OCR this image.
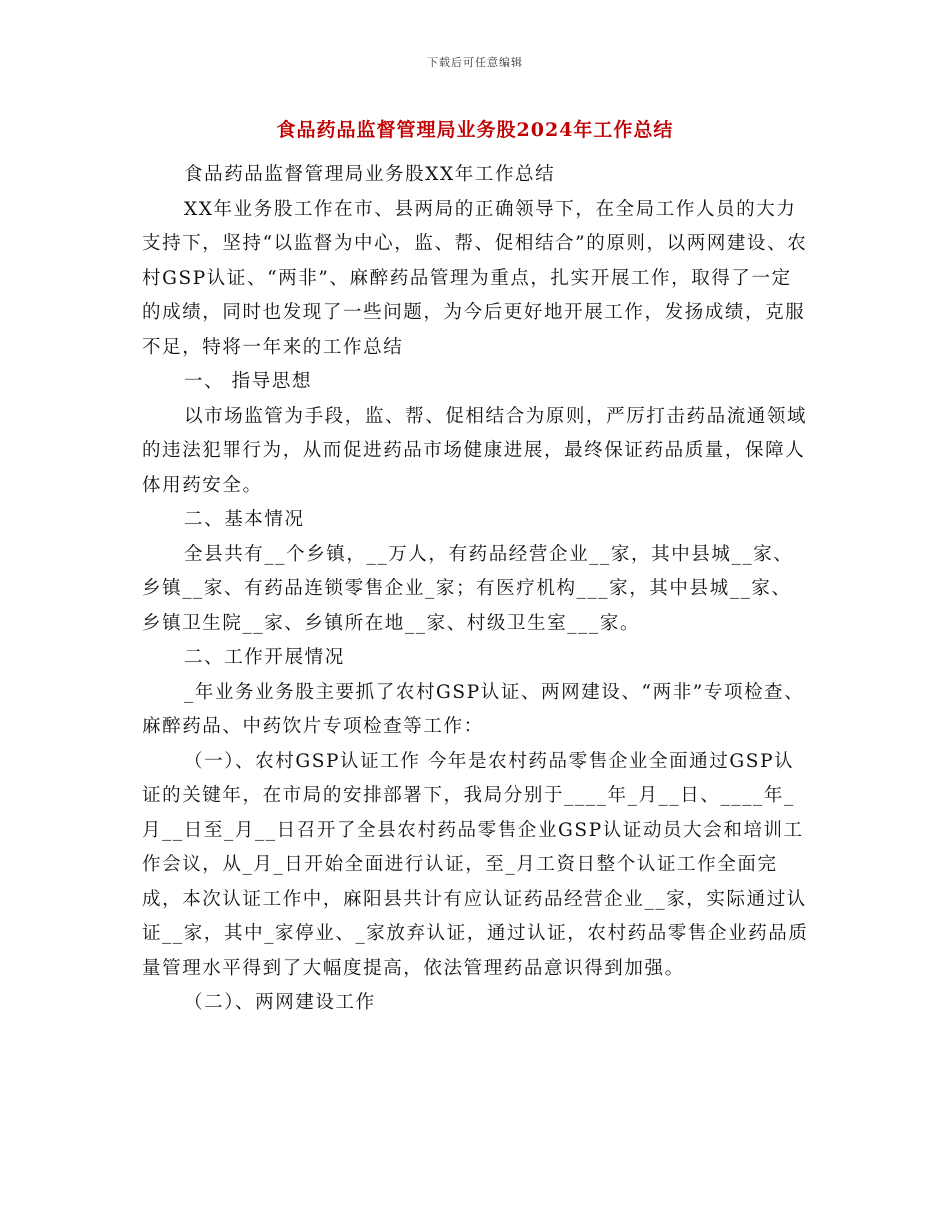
下载后可任意编辑
食品药品监督管理局业务股2024年工作总结

食品药品监督管理局业务股XX年工作总结

XX年业务股工作在市、县两局的正确领导下，在全局工作人员的大力支持下，坚持“以监督为中心，监、帮、促相结合”的原则，以两网建设、农村GSP认证、“两非”、麻醉药品管理为重点，扎实开展工作，取得了一定的成绩，同时也发现了一些问题，为今后更好地开展工作，发扬成绩，克服不足，特将一年来的工作总结

一、 指导思想

以市场监管为手段，监、帮、促相结合为原则，严厉打击药品流通领域的违法犯罪行为，从而促进药品市场健康进展，最终保证药品质量，保障人体用药安全。

二、基本情况

全县共有__个乡镇，__万人，有药品经营企业__家，其中县城__家、乡镇__家、有药品连锁零售企业_家；有医疗机构___家，其中县城__家、乡镇卫生院__家、乡镇所在地__家、村级卫生室___家。

二、工作开展情况

_年业务业务股主要抓了农村GSP认证、两网建设、“两非”专项检查、麻醉药品、中药饮片专项检查等工作：

（一）、农村GSP认证工作 今年是农村药品零售企业全面通过GSP认证的关键年，在市局的安排部署下，我局分别于____年_月__日、____年_月__日至_月__日召开了全县农村药品零售企业GSP认证动员大会和培训工作会议，从_月_日开始全面进行认证，至_月工资日整个认证工作全面完成，本次认证工作中，麻阳县共计有应认证药品经营企业__家，实际通过认证__家，其中_家停业、_家放弃认证，通过认证，农村药品零售企业药品质量管理水平得到了大幅度提高，依法管理药品意识得到加强。

（二）、两网建设工作
